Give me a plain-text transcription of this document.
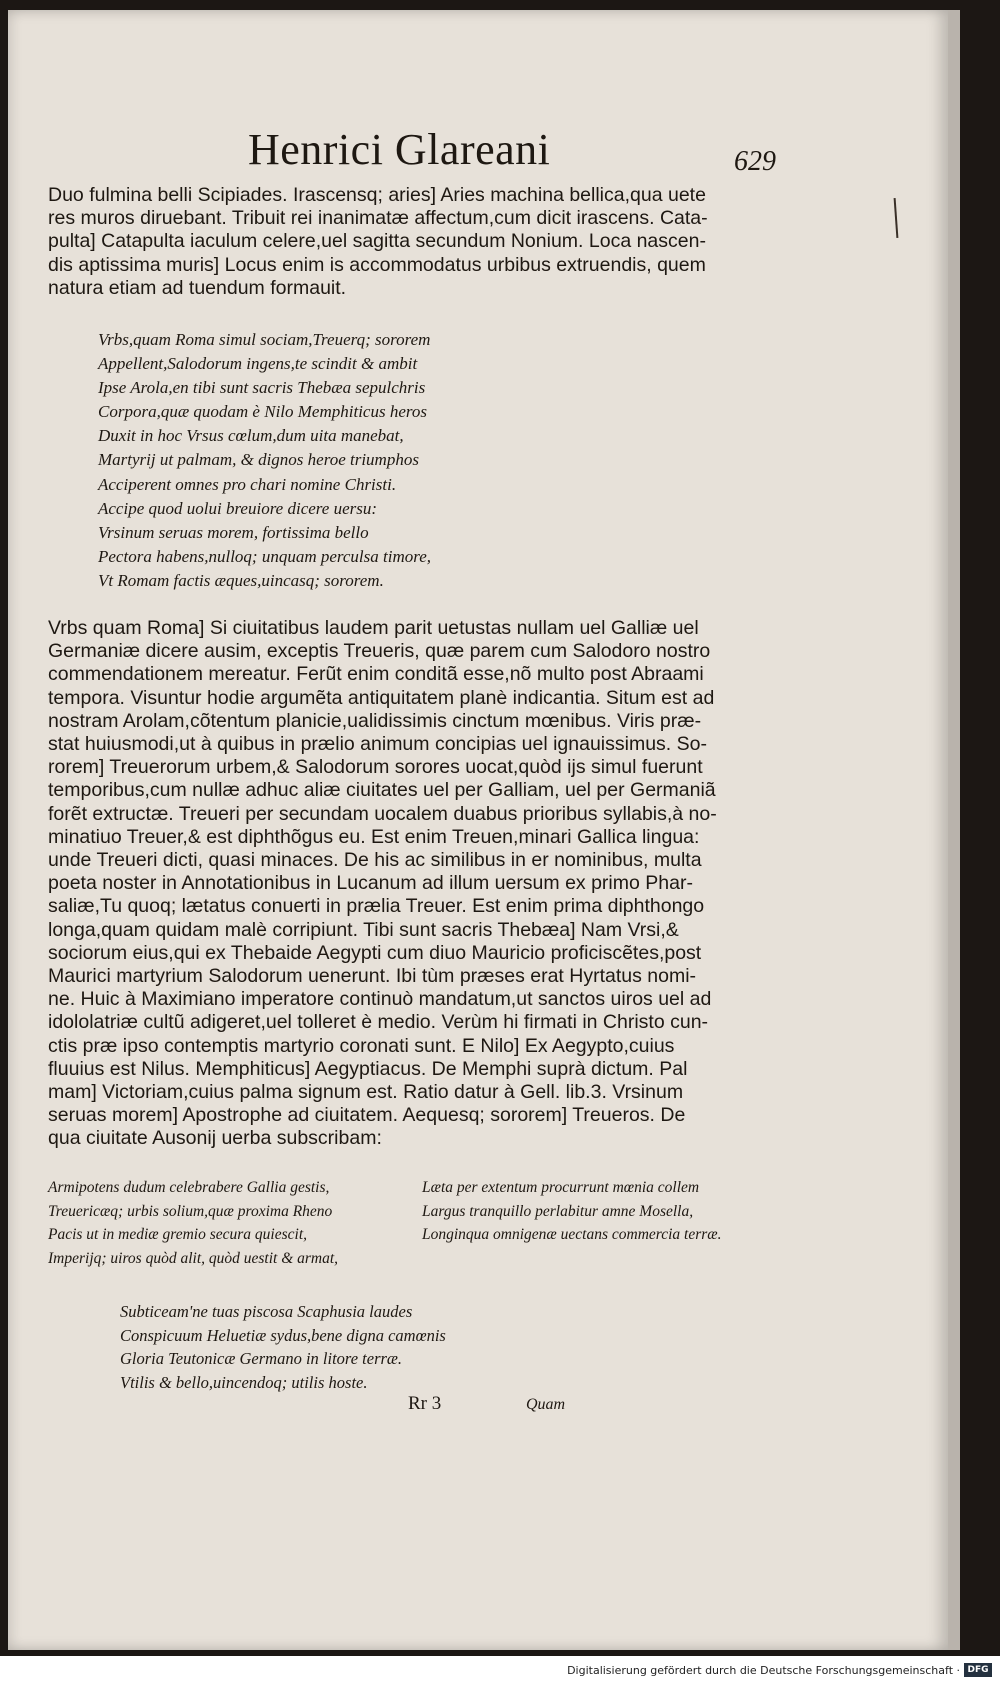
Henrici Glareani	629
Duo fulmina belli Scipiades. Irascensq; aries] Aries machina bellica,qua uete
res muros diruebant. Tribuit rei inanimatæ affectum,cum dicit irascens. Cata-
pulta] Catapulta iaculum celere,uel sagitta secundum Nonium. Loca nascen-
dis aptissima muris] Locus enim is accommodatus urbibus extruendis, quem
natura etiam ad tuendum formauit.
Vrbs,quam Roma simul sociam,Treuerq; sororem
Appellent,Salodorum ingens,te scindit & ambit
Ipse Arola,en tibi sunt sacris Thebæa sepulchris
Corpora,quæ quodam è Nilo Memphiticus heros
Duxit in hoc Vrsus cœlum,dum uita manebat,
Martyrij ut palmam, & dignos heroe triumphos
Acciperent omnes pro chari nomine Christi.
Accipe quod uolui breuiore dicere uersu:
Vrsinum seruas morem, fortissima bello
Pectora habens,nulloq; unquam perculsa timore,
Vt Romam factis æques,uincasq; sororem.
Vrbs quam Roma] Si ciuitatibus laudem parit uetustas nullam uel Galliæ uel
Germaniæ dicere ausim, exceptis Treueris, quæ parem cum Salodoro nostro
commendationem mereatur. Ferũt enim conditã esse,nõ multo post Abraami
tempora. Visuntur hodie argumẽta antiquitatem planè indicantia. Situm est ad
nostram Arolam,cõtentum planicie,ualidissimis cinctum mœnibus. Viris præ-
stat huiusmodi,ut à quibus in prælio animum concipias uel ignauissimus. So-
rorem] Treuerorum urbem,& Salodorum sorores uocat,quòd ijs simul fuerunt
temporibus,cum nullæ adhuc aliæ ciuitates uel per Galliam, uel per Germaniã
forẽt extructæ. Treueri per secundam uocalem duabus prioribus syllabis,à no-
minatiuo Treuer,& est diphthõgus eu. Est enim Treuen,minari Gallica lingua:
unde Treueri dicti, quasi minaces. De his ac similibus in er nominibus, multa
poeta noster in Annotationibus in Lucanum ad illum uersum ex primo Phar-
saliæ,Tu quoq; lætatus conuerti in prælia Treuer. Est enim prima diphthongo
longa,quam quidam malè corripiunt. Tibi sunt sacris Thebæa] Nam Vrsi,&
sociorum eius,qui ex Thebaide Aegypti cum diuo Mauricio proficiscẽtes,post
Maurici martyrium Salodorum uenerunt. Ibi tùm præses erat Hyrtatus nomi-
ne. Huic à Maximiano imperatore continuò mandatum,ut sanctos uiros uel ad
idololatriæ cultũ adigeret,uel tolleret è medio. Verùm hi firmati in Christo cun-
ctis præ ipso contemptis martyrio coronati sunt. E Nilo] Ex Aegypto,cuius
fluuius est Nilus. Memphiticus] Aegyptiacus. De Memphi suprà dictum. Pal
mam] Victoriam,cuius palma signum est. Ratio datur à Gell. lib.3. Vrsinum
seruas morem] Apostrophe ad ciuitatem. Aequesq; sororem] Treueros. De
qua ciuitate Ausonij uerba subscribam:
Armipotens dudum celebrabere Gallia gestis,
Treuericæq; urbis solium,quæ proxima Rheno
Pacis ut in mediæ gremio secura quiescit,
Imperijq; uiros quòd alit, quòd uestit & armat,
Læta per extentum procurrunt mœnia collem
Largus tranquillo perlabitur amne Mosella,
Longinqua omnigenæ uectans commercia terræ.
Subticeam'ne tuas piscosa Scaphusia laudes
Conspicuum Heluetiæ sydus,bene digna camœnis
Gloria Teutonicæ Germano in litore terræ.
Vtilis & bello,uincendoq; utilis hoste.
Rr 3	Quam
Digitalisierung gefördert durch die Deutsche Forschungsgemeinschaft · DFG
